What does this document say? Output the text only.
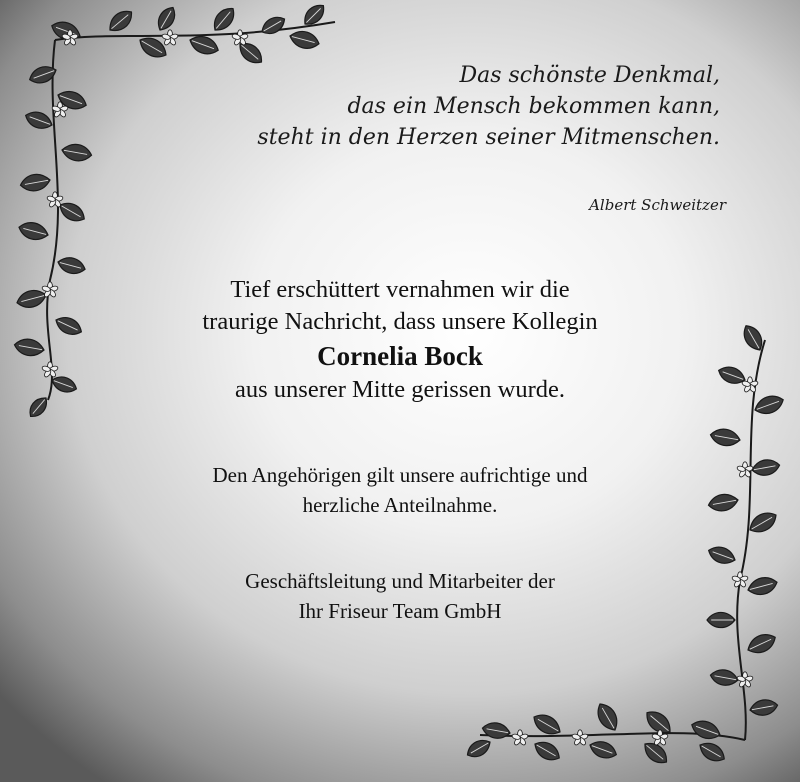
Das schönste Denkmal,
das ein Mensch bekommen kann,
steht in den Herzen seiner Mitmenschen.
Albert Schweitzer
Tief erschüttert vernahmen wir die
traurige Nachricht, dass unsere Kollegin
Cornelia Bock
aus unserer Mitte gerissen wurde.
Den Angehörigen gilt unsere aufrichtige und
herzliche Anteilnahme.
Geschäftsleitung und Mitarbeiter der
Ihr Friseur Team GmbH
